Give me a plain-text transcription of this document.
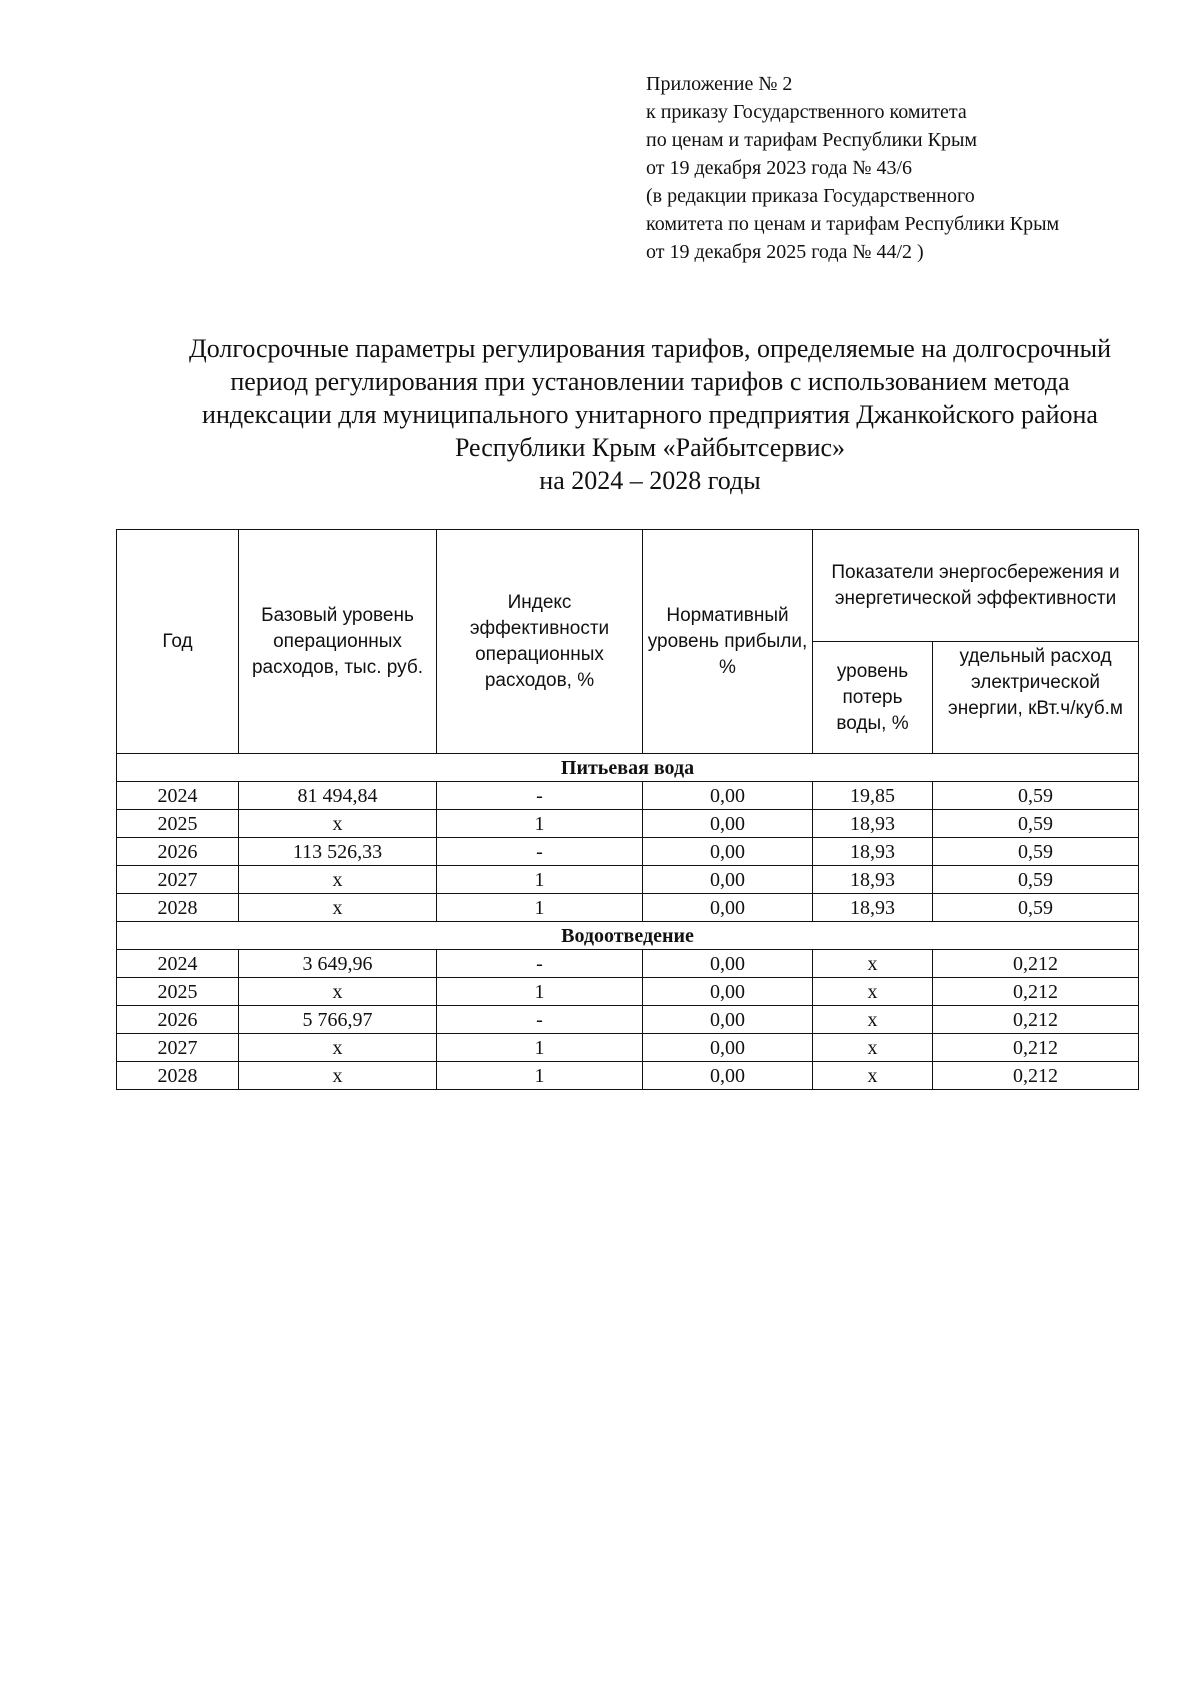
Приложение № 2
к приказу Государственного комитета
по ценам и тарифам Республики Крым
от 19 декабря 2023 года № 43/6
(в редакции приказа Государственного
комитета по ценам и тарифам Республики Крым
от 19 декабря 2025 года № 44/2 )
Долгосрочные параметры регулирования тарифов, определяемые на долгосрочный
период регулирования при установлении тарифов с использованием метода
индексации для муниципального унитарного предприятия Джанкойского района
Республики Крым «Райбытсервис»
на 2024 – 2028 годы
Год	Базовый уровень операционных расходов, тыс. руб.	Индекс эффективности операционных расходов, %	Нормативный уровень прибыли, %	Показатели энергосбережения и энергетической эффективности	
				уровень потерь воды, %	удельный расход электрической энергии, кВт.ч/куб.м
Питьевая вода					
2024	81 494,84	-	0,00	19,85	0,59
2025	x	1	0,00	18,93	0,59
2026	113 526,33	-	0,00	18,93	0,59
2027	x	1	0,00	18,93	0,59
2028	x	1	0,00	18,93	0,59
Водоотведение					
2024	3 649,96	-	0,00	x	0,212
2025	x	1	0,00	x	0,212
2026	5 766,97	-	0,00	x	0,212
2027	x	1	0,00	x	0,212
2028	x	1	0,00	x	0,212
